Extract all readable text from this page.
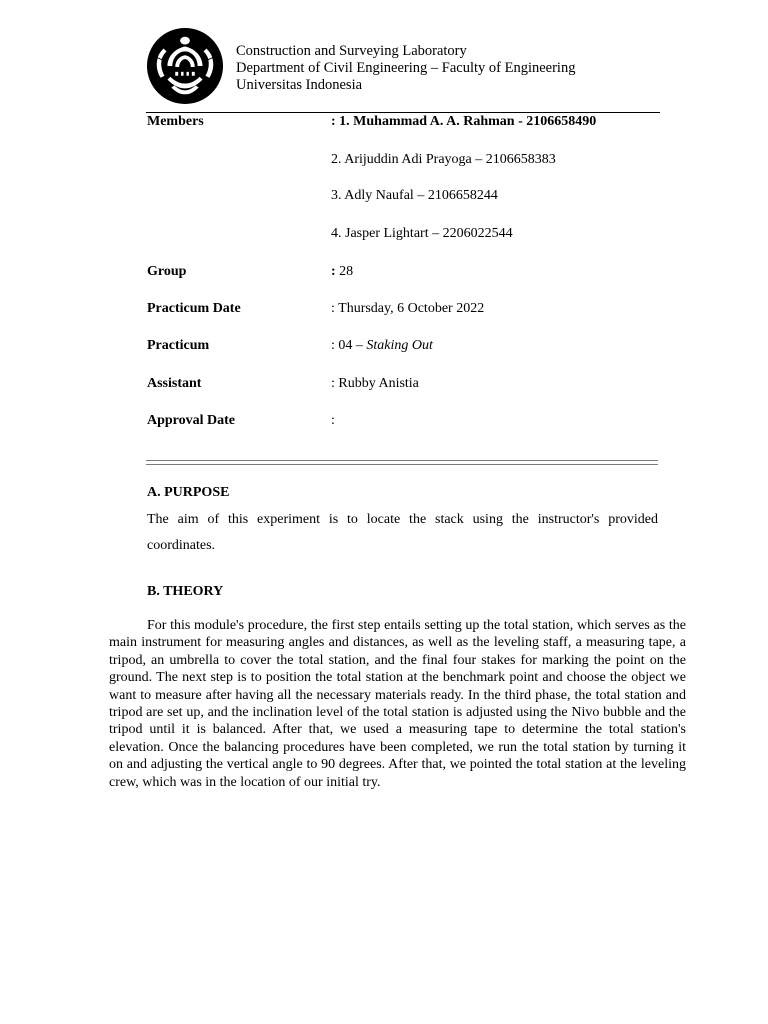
Construction and Surveying Laboratory
Department of Civil Engineering – Faculty of Engineering
Universitas Indonesia
Members	: 1. Muhammad A. A. Rahman - 2106658490
2. Arijuddin Adi Prayoga – 2106658383
3. Adly Naufal – 2106658244
4. Jasper Lightart – 2206022544
Group	: 28
Practicum Date	: Thursday, 6 October 2022
Practicum	: 04 – Staking Out
Assistant	: Rubby Anistia
Approval Date	:
A. PURPOSE
The aim of this experiment is to locate the stack using the instructor's provided coordinates.
B. THEORY

For this module's procedure, the first step entails setting up the total station, which serves as the main instrument for measuring angles and distances, as well as the leveling staff, a measuring tape, a tripod, an umbrella to cover the total station, and the final four stakes for marking the point on the ground. The next step is to position the total station at the benchmark point and choose the object we want to measure after having all the necessary materials ready. In the third phase, the total station and tripod are set up, and the inclination level of the total station is adjusted using the Nivo bubble and the tripod until it is balanced. After that, we used a measuring tape to determine the total station's elevation. Once the balancing procedures have been completed, we run the total station by turning it on and adjusting the vertical angle to 90 degrees. After that, we pointed the total station at the leveling crew, which was in the location of our initial try.
